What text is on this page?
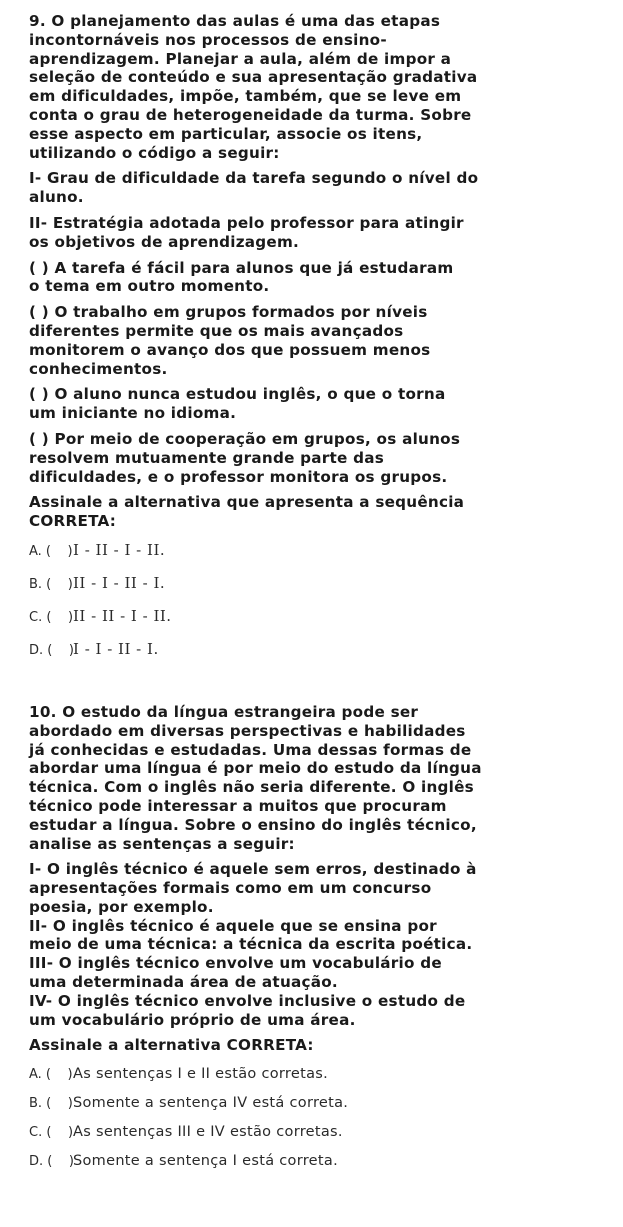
9. O planejamento das aulas é uma das etapas
incontornáveis nos processos de ensino-
aprendizagem. Planejar a aula, além de impor a
seleção de conteúdo e sua apresentação gradativa
em dificuldades, impõe, também, que se leve em
conta o grau de heterogeneidade da turma. Sobre
esse aspecto em particular, associe os itens,
utilizando o código a seguir:

I- Grau de dificuldade da tarefa segundo o nível do
aluno.

II- Estratégia adotada pelo professor para atingir
os objetivos de aprendizagem.

( ) A tarefa é fácil para alunos que já estudaram
o tema em outro momento.

( ) O trabalho em grupos formados por níveis
diferentes permite que os mais avançados
monitorem o avanço dos que possuem menos
conhecimentos.

( ) O aluno nunca estudou inglês, o que o torna
um iniciante no idioma.

( ) Por meio de cooperação em grupos, os alunos
resolvem mutuamente grande parte das
dificuldades, e o professor monitora os grupos.

Assinale a alternativa que apresenta a sequência
CORRETA:

A. (    ) I - II - I - II.
B. (    ) II - I - II - I.
C. (    ) II - II - I - II.
D. (    ) I - I - II - I.

10. O estudo da língua estrangeira pode ser
abordado em diversas perspectivas e habilidades
já conhecidas e estudadas. Uma dessas formas de
abordar uma língua é por meio do estudo da língua
técnica. Com o inglês não seria diferente. O inglês
técnico pode interessar a muitos que procuram
estudar a língua. Sobre o ensino do inglês técnico,
analise as sentenças a seguir:

I- O inglês técnico é aquele sem erros, destinado à
apresentações formais como em um concurso
poesia, por exemplo.
II- O inglês técnico é aquele que se ensina por
meio de uma técnica: a técnica da escrita poética.
III- O inglês técnico envolve um vocabulário de
uma determinada área de atuação.
IV- O inglês técnico envolve inclusive o estudo de
um vocabulário próprio de uma área.

Assinale a alternativa CORRETA:

A. (    ) As sentenças I e II estão corretas.
B. (    ) Somente a sentença IV está correta.
C. (    ) As sentenças III e IV estão corretas.
D. (    ) Somente a sentença I está correta.
